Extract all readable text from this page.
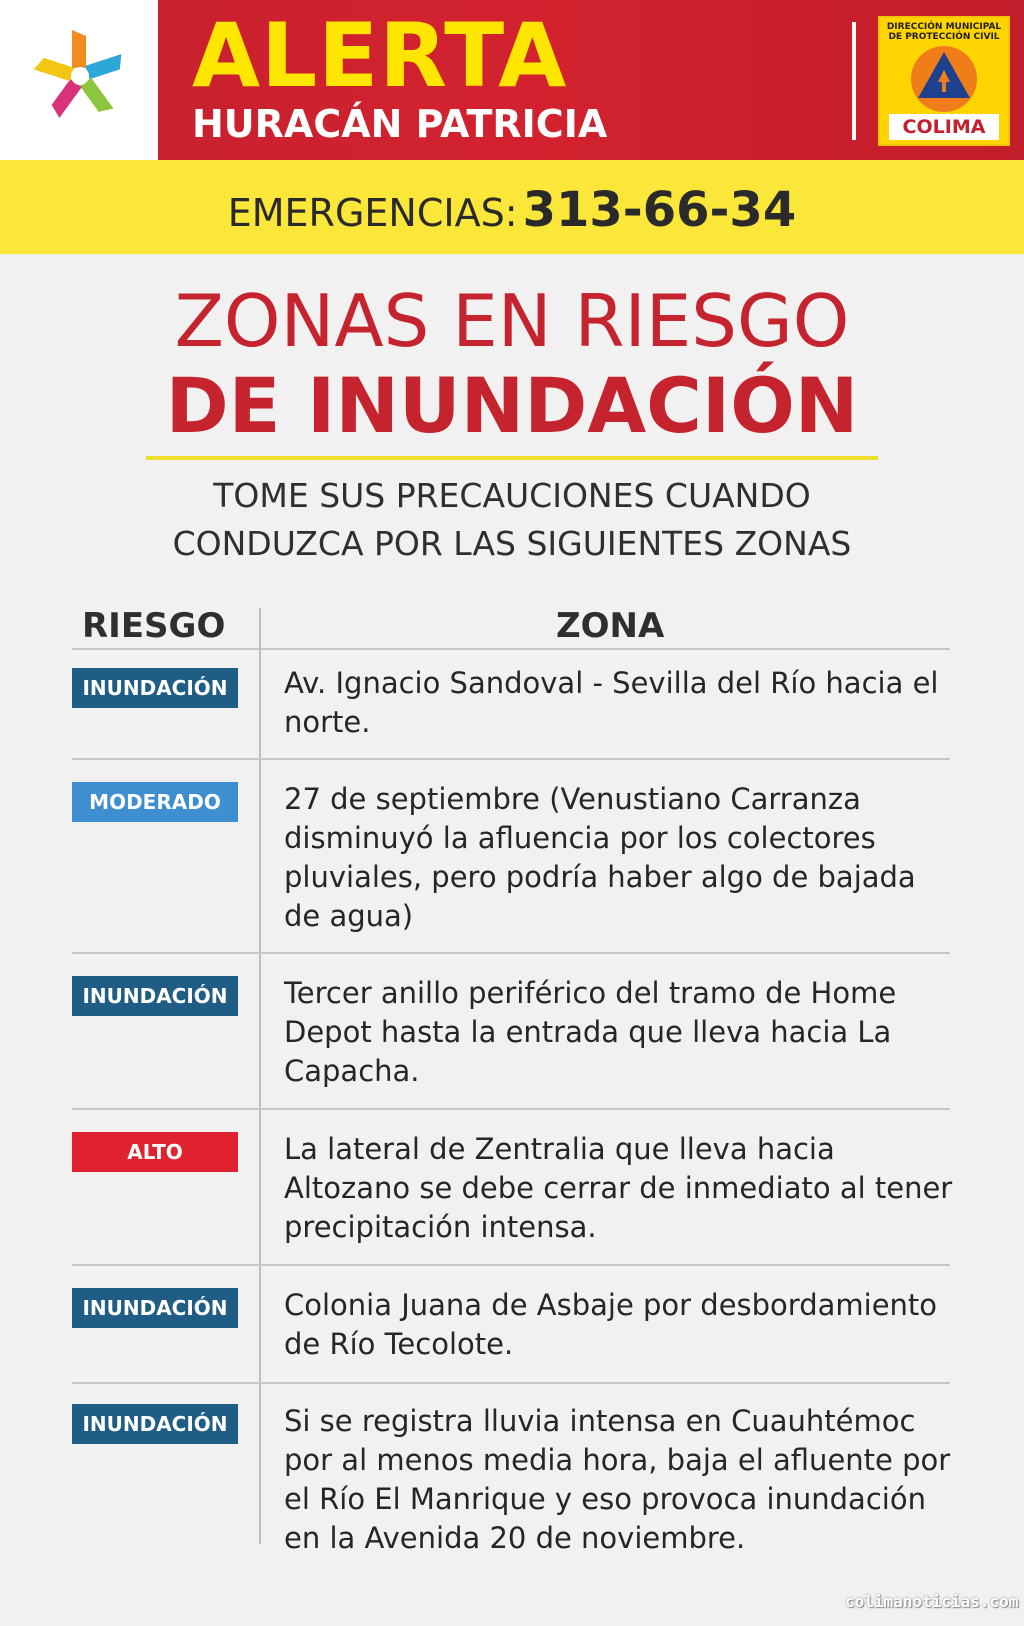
ALERTA
HURACÁN PATRICIA
DIRECCIÓN MUNICIPAL DE PROTECCIÓN CIVIL
COLIMA
EMERGENCIAS: 313-66-34
ZONAS EN RIESGO
DE INUNDACIÓN
TOME SUS PRECAUCIONES CUANDO
CONDUZCA POR LAS SIGUIENTES ZONAS
RIESGO	ZONA
INUNDACIÓN	Av. Ignacio Sandoval - Sevilla del Río hacia el norte.
MODERADO	27 de septiembre (Venustiano Carranza disminuyó la afluencia por los colectores pluviales, pero podría haber algo de bajada de agua)
INUNDACIÓN	Tercer anillo periférico del tramo de Home Depot hasta la entrada que lleva hacia La Capacha.
ALTO	La lateral de Zentralia que lleva hacia Altozano se debe cerrar de inmediato al tener precipitación intensa.
INUNDACIÓN	Colonia Juana de Asbaje por desbordamiento de Río Tecolote.
INUNDACIÓN	Si se registra lluvia intensa en Cuauhtémoc por al menos media hora, baja el afluente por el Río El Manrique y eso provoca inundación en la Avenida 20 de noviembre.
colimanoticias.com
